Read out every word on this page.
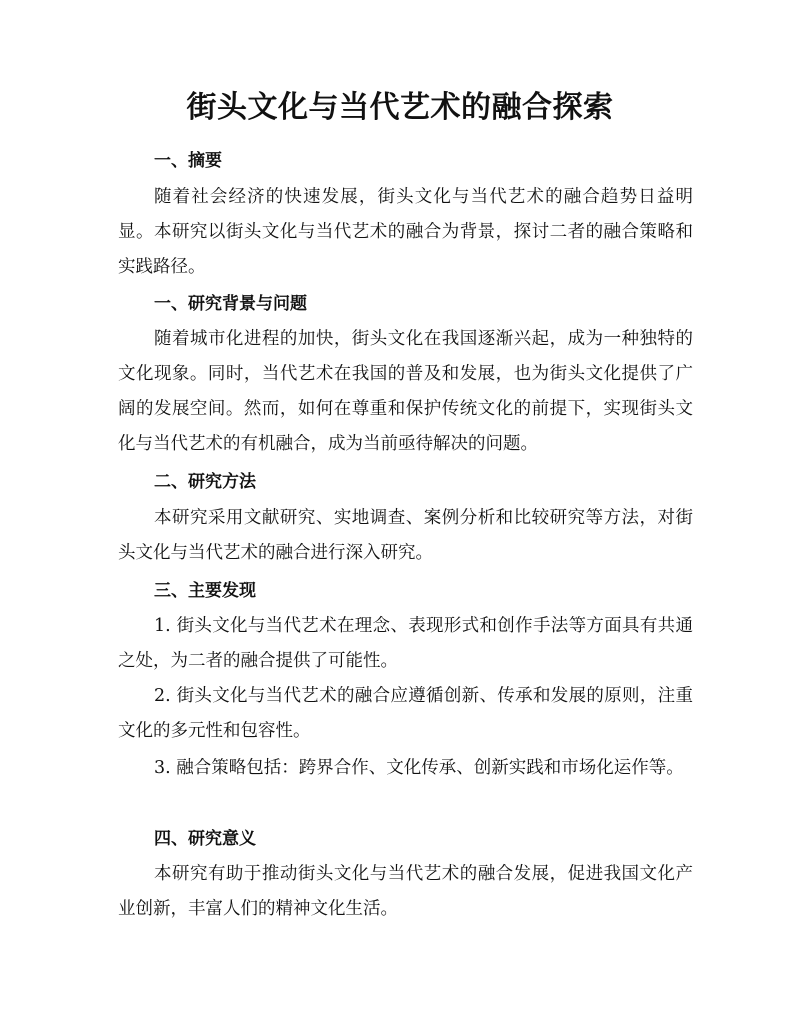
街头文化与当代艺术的融合探索
一、摘要

随着社会经济的快速发展，街头文化与当代艺术的融合趋势日益明显。本研究以街头文化与当代艺术的融合为背景，探讨二者的融合策略和实践路径。

一、研究背景与问题

随着城市化进程的加快，街头文化在我国逐渐兴起，成为一种独特的文化现象。同时，当代艺术在我国的普及和发展，也为街头文化提供了广阔的发展空间。然而，如何在尊重和保护传统文化的前提下，实现街头文化与当代艺术的有机融合，成为当前亟待解决的问题。

二、研究方法

本研究采用文献研究、实地调查、案例分析和比较研究等方法，对街头文化与当代艺术的融合进行深入研究。

三、主要发现

1. 街头文化与当代艺术在理念、表现形式和创作手法等方面具有共通之处，为二者的融合提供了可能性。

2. 街头文化与当代艺术的融合应遵循创新、传承和发展的原则，注重文化的多元性和包容性。

3. 融合策略包括：跨界合作、文化传承、创新实践和市场化运作等。

四、研究意义

本研究有助于推动街头文化与当代艺术的融合发展，促进我国文化产业创新，丰富人们的精神文化生活。
